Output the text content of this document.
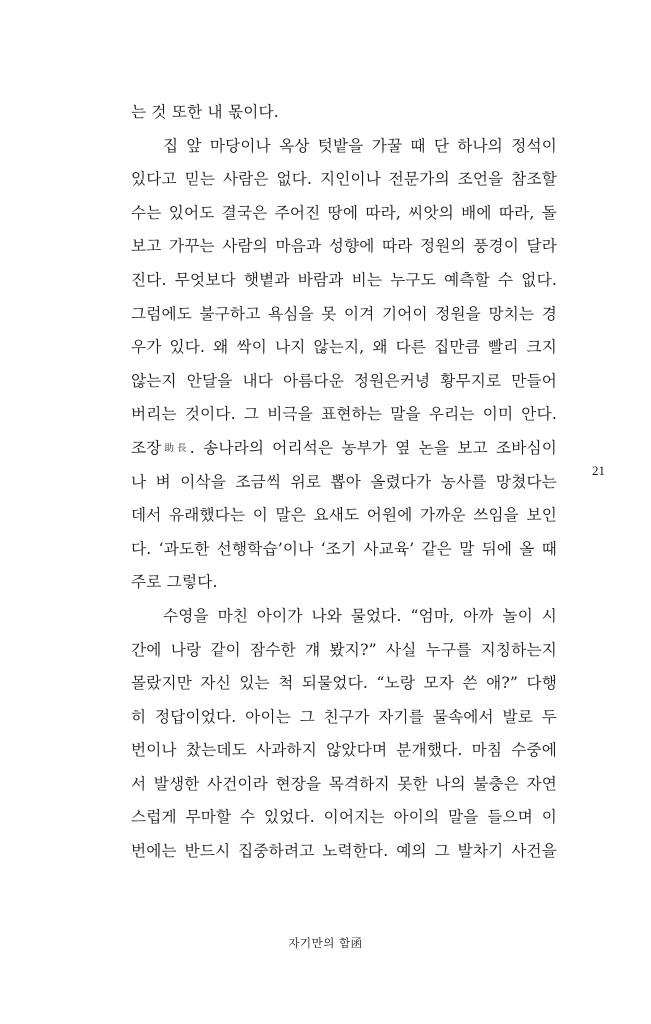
는 것 또한 내 몫이다.
집 앞 마당이나 옥상 텃밭을 가꿀 때 단 하나의 정석이
있다고 믿는 사람은 없다. 지인이나 전문가의 조언을 참조할
수는 있어도 결국은 주어진 땅에 따라, 씨앗의 배에 따라, 돌
보고 가꾸는 사람의 마음과 성향에 따라 정원의 풍경이 달라
진다. 무엇보다 햇볕과 바람과 비는 누구도 예측할 수 없다.
그럼에도 불구하고 욕심을 못 이겨 기어이 정원을 망치는 경
우가 있다. 왜 싹이 나지 않는지, 왜 다른 집만큼 빨리 크지
않는지 안달을 내다 아름다운 정원은커녕 황무지로 만들어
버리는 것이다. 그 비극을 표현하는 말을 우리는 이미 안다.
조장助長. 송나라의 어리석은 농부가 옆 논을 보고 조바심이
나 벼 이삭을 조금씩 위로 뽑아 올렸다가 농사를 망쳤다는
데서 유래했다는 이 말은 요새도 어원에 가까운 쓰임을 보인
다. ‘과도한 선행학습’이나 ‘조기 사교육’ 같은 말 뒤에 올 때
주로 그렇다.
수영을 마친 아이가 나와 물었다. “엄마, 아까 놀이 시
간에 나랑 같이 잠수한 걔 봤지?” 사실 누구를 지칭하는지
몰랐지만 자신 있는 척 되물었다. “노랑 모자 쓴 애?” 다행
히 정답이었다. 아이는 그 친구가 자기를 물속에서 발로 두
번이나 찼는데도 사과하지 않았다며 분개했다. 마침 수중에
서 발생한 사건이라 현장을 목격하지 못한 나의 불충은 자연
스럽게 무마할 수 있었다. 이어지는 아이의 말을 들으며 이
번에는 반드시 집중하려고 노력한다. 예의 그 발차기 사건을
21
자기만의 함函
